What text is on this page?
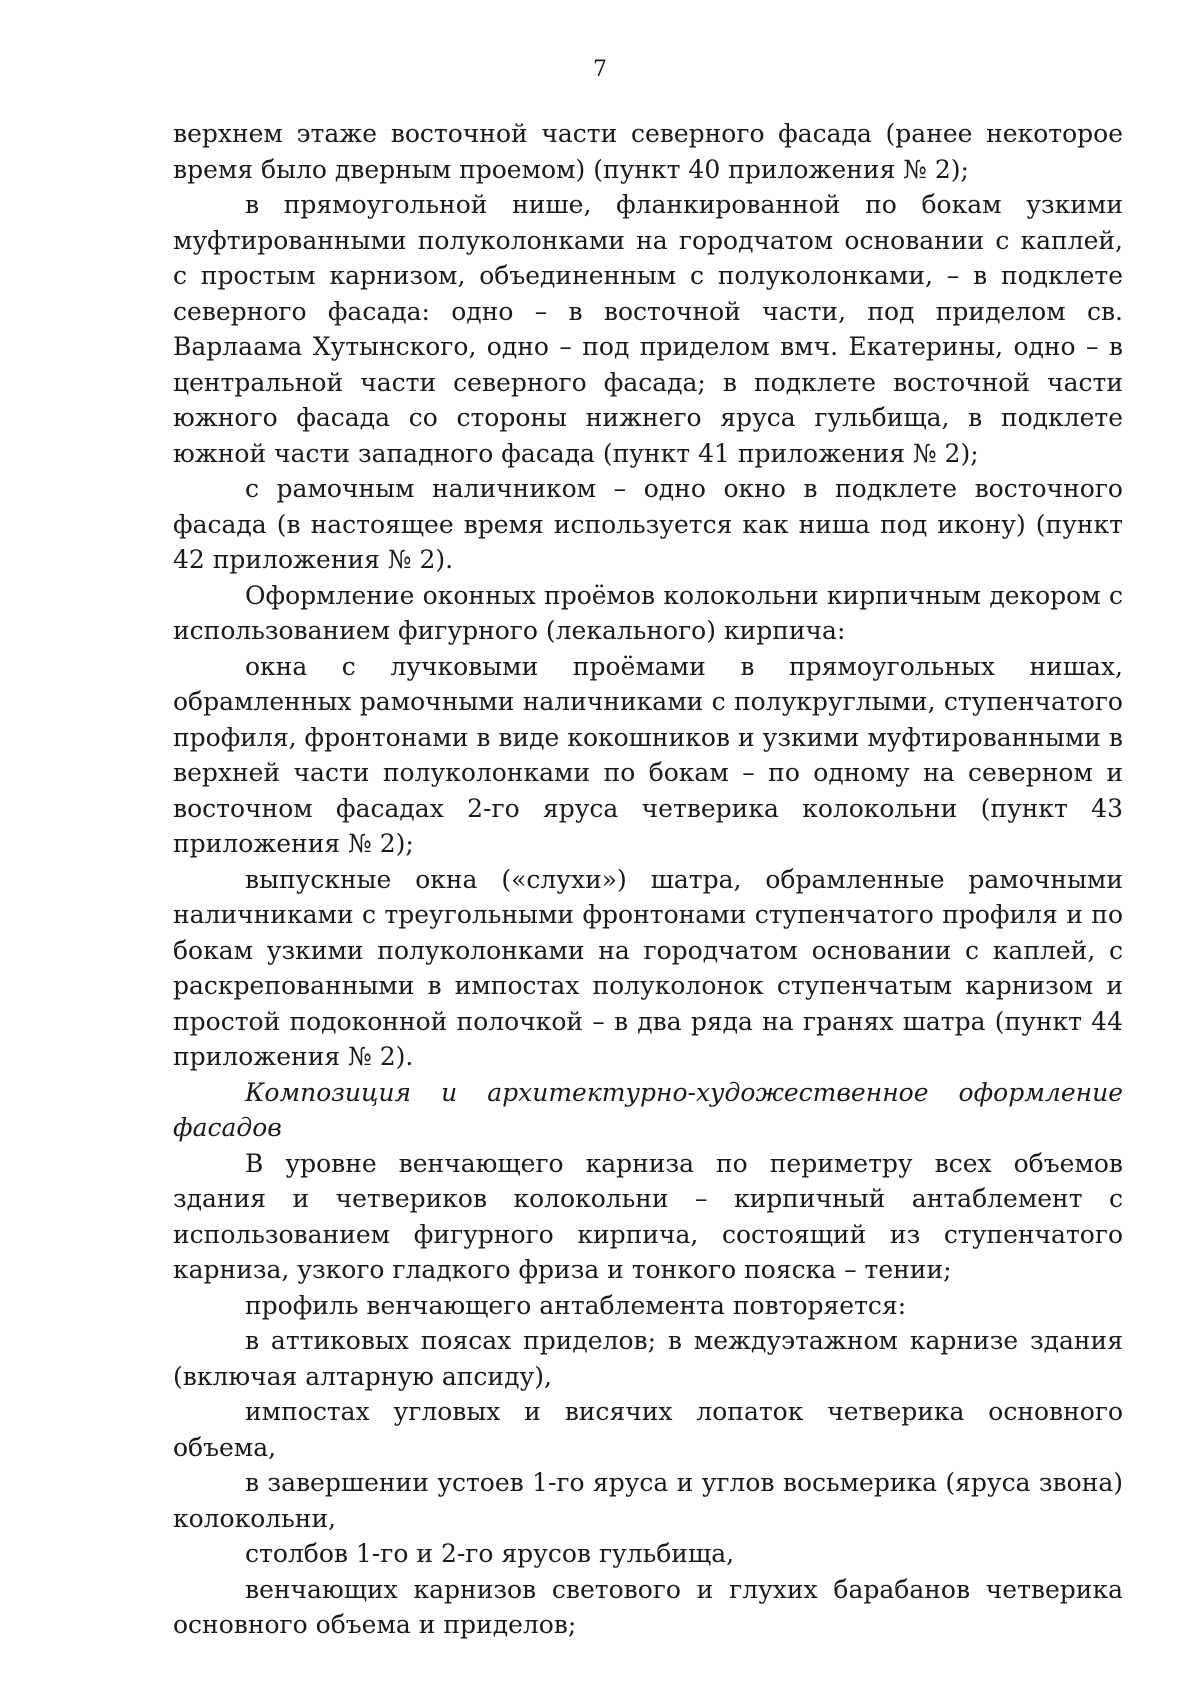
7

верхнем этаже восточной части северного фасада (ранее некоторое время было дверным проемом) (пункт 40 приложения № 2);

в прямоугольной нише, фланкированной по бокам узкими муфтированными полуколонками на городчатом основании с каплей, с простым карнизом, объединенным с полуколонками, – в подклете северного фасада: одно – в восточной части, под приделом св. Варлаама Хутынского, одно – под приделом вмч. Екатерины, одно – в центральной части северного фасада; в подклете восточной части южного фасада со стороны нижнего яруса гульбища, в подклете южной части западного фасада (пункт 41 приложения № 2);

с рамочным наличником – одно окно в подклете восточного фасада (в настоящее время используется как ниша под икону) (пункт 42 приложения № 2).

Оформление оконных проёмов колокольни кирпичным декором с использованием фигурного (лекального) кирпича:

окна с лучковыми проёмами в прямоугольных нишах, обрамленных рамочными наличниками с полукруглыми, ступенчатого профиля, фронтонами в виде кокошников и узкими муфтированными в верхней части полуколонками по бокам – по одному на северном и восточном фасадах 2-го яруса четверика колокольни (пункт 43 приложения № 2);

выпускные окна («слухи») шатра, обрамленные рамочными наличниками с треугольными фронтонами ступенчатого профиля и по бокам узкими полуколонками на городчатом основании с каплей, с раскрепованными в импостах полуколонок ступенчатым карнизом и простой подоконной полочкой – в два ряда на гранях шатра (пункт 44 приложения № 2).

Композиция и архитектурно-художественное оформление фасадов

В уровне венчающего карниза по периметру всех объемов здания и четвериков колокольни – кирпичный антаблемент с использованием фигурного кирпича, состоящий из ступенчатого карниза, узкого гладкого фриза и тонкого пояска – тении;

профиль венчающего антаблемента повторяется:

в аттиковых поясах приделов; в междуэтажном карнизе здания (включая алтарную апсиду),

импостах угловых и висячих лопаток четверика основного объема,

в завершении устоев 1-го яруса и углов восьмерика (яруса звона) колокольни,

столбов 1-го и 2-го ярусов гульбища,

венчающих карнизов светового и глухих барабанов четверика основного объема и приделов;
